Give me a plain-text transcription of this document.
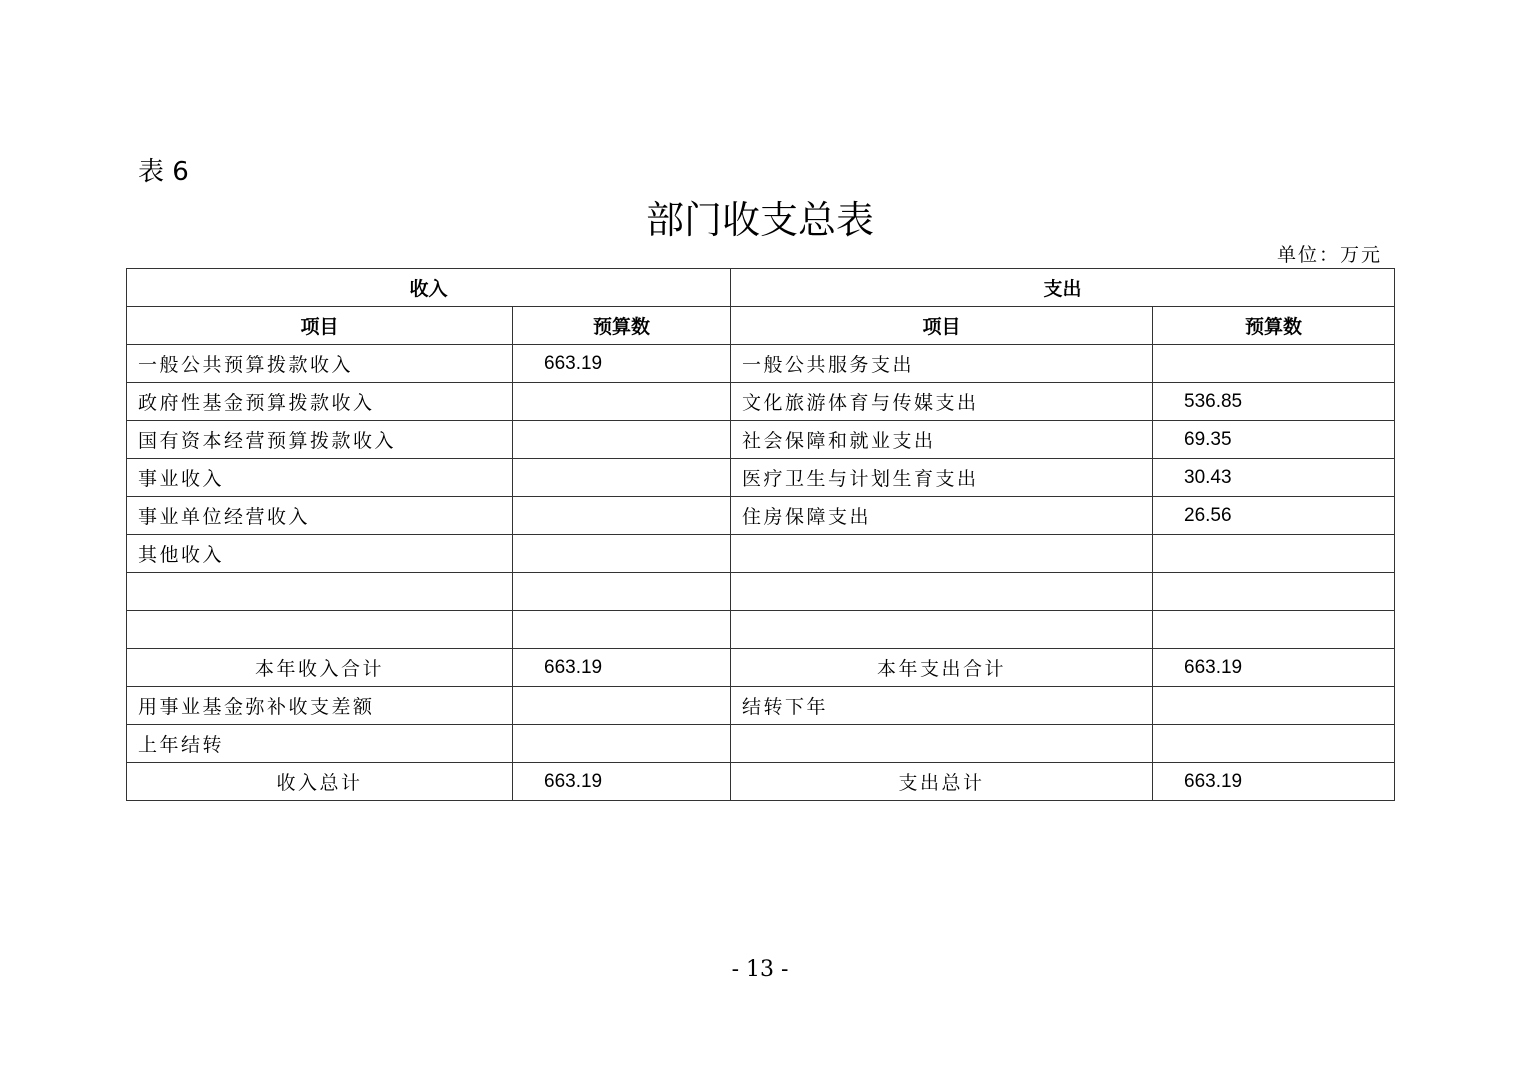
表 6
部门收支总表
单位：万元
收入		支出	
项目	预算数	项目	预算数
一般公共预算拨款收入	663.19	一般公共服务支出	
政府性基金预算拨款收入		文化旅游体育与传媒支出	536.85
国有资本经营预算拨款收入		社会保障和就业支出	69.35
事业收入		医疗卫生与计划生育支出	30.43
事业单位经营收入		住房保障支出	26.56
其他收入			

本年收入合计	663.19	本年支出合计	663.19
用事业基金弥补收支差额		结转下年	
上年结转			
收入总计	663.19	支出总计	663.19
- 13 -
